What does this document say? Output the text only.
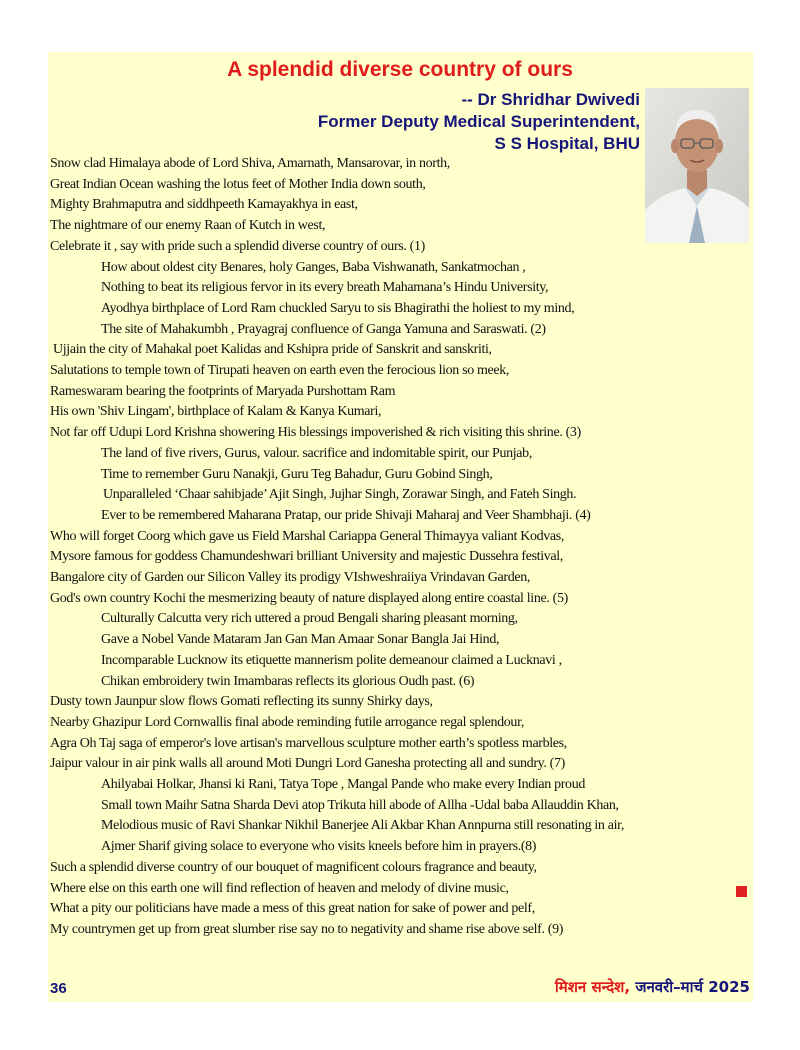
A splendid diverse country of ours
-- Dr Shridhar Dwivedi
Former Deputy Medical Superintendent,
S S Hospital, BHU
Snow clad Himalaya abode of Lord Shiva, Amarnath, Mansarovar, in north,
Great Indian Ocean washing the lotus feet of Mother India down south,
Mighty Brahmaputra and siddhpeeth Kamayakhya in east,
The nightmare of our enemy Raan of Kutch in west,
Celebrate it , say with pride such a splendid diverse country of ours. (1)
How about oldest city Benares, holy Ganges, Baba Vishwanath, Sankatmochan ,
Nothing to beat its religious fervor in its every breath Mahamana’s Hindu University,
Ayodhya birthplace of Lord Ram chuckled Saryu to sis Bhagirathi the holiest to my mind,
The site of Mahakumbh , Prayagraj confluence of Ganga Yamuna and Saraswati. (2)
Ujjain the city of Mahakal poet Kalidas and Kshipra pride of Sanskrit and sanskriti,
Salutations to temple town of Tirupati heaven on earth even the ferocious lion so meek,
Rameswaram bearing the footprints of Maryada Purshottam Ram
His own 'Shiv Lingam', birthplace of Kalam & Kanya Kumari,
Not far off Udupi Lord Krishna showering His blessings impoverished & rich visiting this shrine. (3)
The land of five rivers, Gurus, valour. sacrifice and indomitable spirit, our Punjab,
Time to remember Guru Nanakji, Guru Teg Bahadur, Guru Gobind Singh,
Unparalleled ‘Chaar sahibjade’ Ajit Singh, Jujhar Singh, Zorawar Singh, and Fateh Singh.
Ever to be remembered Maharana Pratap, our pride Shivaji Maharaj and Veer Shambhaji. (4)
Who will forget Coorg which gave us Field Marshal Cariappa General Thimayya valiant Kodvas,
Mysore famous for goddess Chamundeshwari brilliant University and majestic Dussehra festival,
Bangalore city of Garden our Silicon Valley its prodigy VIshweshraiiya Vrindavan Garden,
God's own country Kochi the mesmerizing beauty of nature displayed along entire coastal line. (5)
Culturally Calcutta very rich uttered a proud Bengali sharing pleasant morning,
Gave a Nobel Vande Mataram Jan Gan Man Amaar Sonar Bangla Jai Hind,
Incomparable Lucknow its etiquette mannerism polite demeanour claimed a Lucknavi ,
Chikan embroidery twin Imambaras reflects its glorious Oudh past. (6)
Dusty town Jaunpur slow flows Gomati reflecting its sunny Shirky days,
Nearby Ghazipur Lord Cornwallis final abode reminding futile arrogance regal splendour,
Agra Oh Taj saga of emperor's love artisan's marvellous sculpture mother earth’s spotless marbles,
Jaipur valour in air pink walls all around Moti Dungri Lord Ganesha protecting all and sundry. (7)
Ahilyabai Holkar, Jhansi ki Rani, Tatya Tope , Mangal Pande who make every Indian proud
Small town Maihr Satna Sharda Devi atop Trikuta hill abode of Allha -Udal baba Allauddin Khan,
Melodious music of Ravi Shankar Nikhil Banerjee Ali Akbar Khan Annpurna still resonating in air,
Ajmer Sharif giving solace to everyone who visits kneels before him in prayers.(8)
Such a splendid diverse country of our bouquet of magnificent colours fragrance and beauty,
Where else on this earth one will find reflection of heaven and melody of divine music,
What a pity our politicians have made a mess of this great nation for sake of power and pelf,
My countrymen get up from great slumber rise say no to negativity and shame rise above self. (9)
36	मिशन सन्देश, जनवरी–मार्च 2025
